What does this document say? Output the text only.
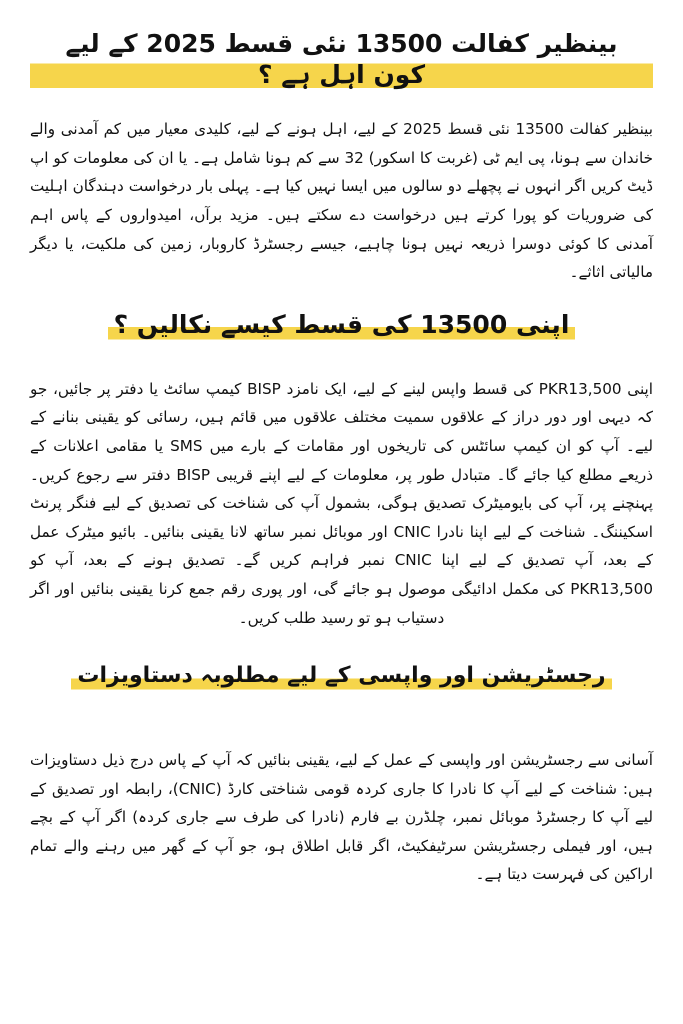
بینظیر کفالت 13500 نئی قسط 2025 کے لیے کون اہل ہے ؟

بینظیر کفالت 13500 نئی قسط 2025 کے لیے، اہل ہونے کے لیے، کلیدی معیار میں کم آمدنی والے خاندان سے ہونا، پی ایم ٹی (غربت کا اسکور) 32 سے کم ہونا شامل ہے۔ یا ان کی معلومات کو اپ ڈیٹ کریں اگر انہوں نے پچھلے دو سالوں میں ایسا نہیں کیا ہے۔ پہلی بار درخواست دہندگان اہلیت کی ضروریات کو پورا کرتے ہیں درخواست دے سکتے ہیں۔ مزید برآں، امیدواروں کے پاس اہم آمدنی کا کوئی دوسرا ذریعہ نہیں ہونا چاہیے، جیسے رجسٹرڈ کاروبار، زمین کی ملکیت، یا دیگر مالیاتی اثاثے۔

اپنی 13500 کی قسط کیسے نکالیں ؟

اپنی PKR13,500 کی قسط واپس لینے کے لیے، ایک نامزد BISP کیمپ سائٹ یا دفتر پر جائیں، جو کہ دیہی اور دور دراز کے علاقوں سمیت مختلف علاقوں میں قائم ہیں، رسائی کو یقینی بنانے کے لیے۔ آپ کو ان کیمپ سائٹس کی تاریخوں اور مقامات کے بارے میں SMS یا مقامی اعلانات کے ذریعے مطلع کیا جائے گا۔ متبادل طور پر، معلومات کے لیے اپنے قریبی BISP دفتر سے رجوع کریں۔ پہنچنے پر، آپ کی بایومیٹرک تصدیق ہوگی، بشمول آپ کی شناخت کی تصدیق کے لیے فنگر پرنٹ اسکیننگ۔ شناخت کے لیے اپنا نادرا CNIC اور موبائل نمبر ساتھ لانا یقینی بنائیں۔ بائیو میٹرک عمل کے بعد، آپ تصدیق کے لیے اپنا CNIC نمبر فراہم کریں گے۔ تصدیق ہونے کے بعد، آپ کو PKR13,500 کی مکمل ادائیگی موصول ہو جائے گی، اور پوری رقم جمع کرنا یقینی بنائیں اور اگر دستیاب ہو تو رسید طلب کریں۔

رجسٹریشن اور واپسی کے لیے مطلوبہ دستاویزات

آسانی سے رجسٹریشن اور واپسی کے عمل کے لیے، یقینی بنائیں کہ آپ کے پاس درج ذیل دستاویزات ہیں: شناخت کے لیے آپ کا نادرا کا جاری کردہ قومی شناختی کارڈ (CNIC)، رابطہ اور تصدیق کے لیے آپ کا رجسٹرڈ موبائل نمبر، چلڈرن بے فارم (نادرا کی طرف سے جاری کردہ) اگر آپ کے بچے ہیں، اور فیملی رجسٹریشن سرٹیفکیٹ، اگر قابل اطلاق ہو، جو آپ کے گھر میں رہنے والے تمام اراکین کی فہرست دیتا ہے۔
